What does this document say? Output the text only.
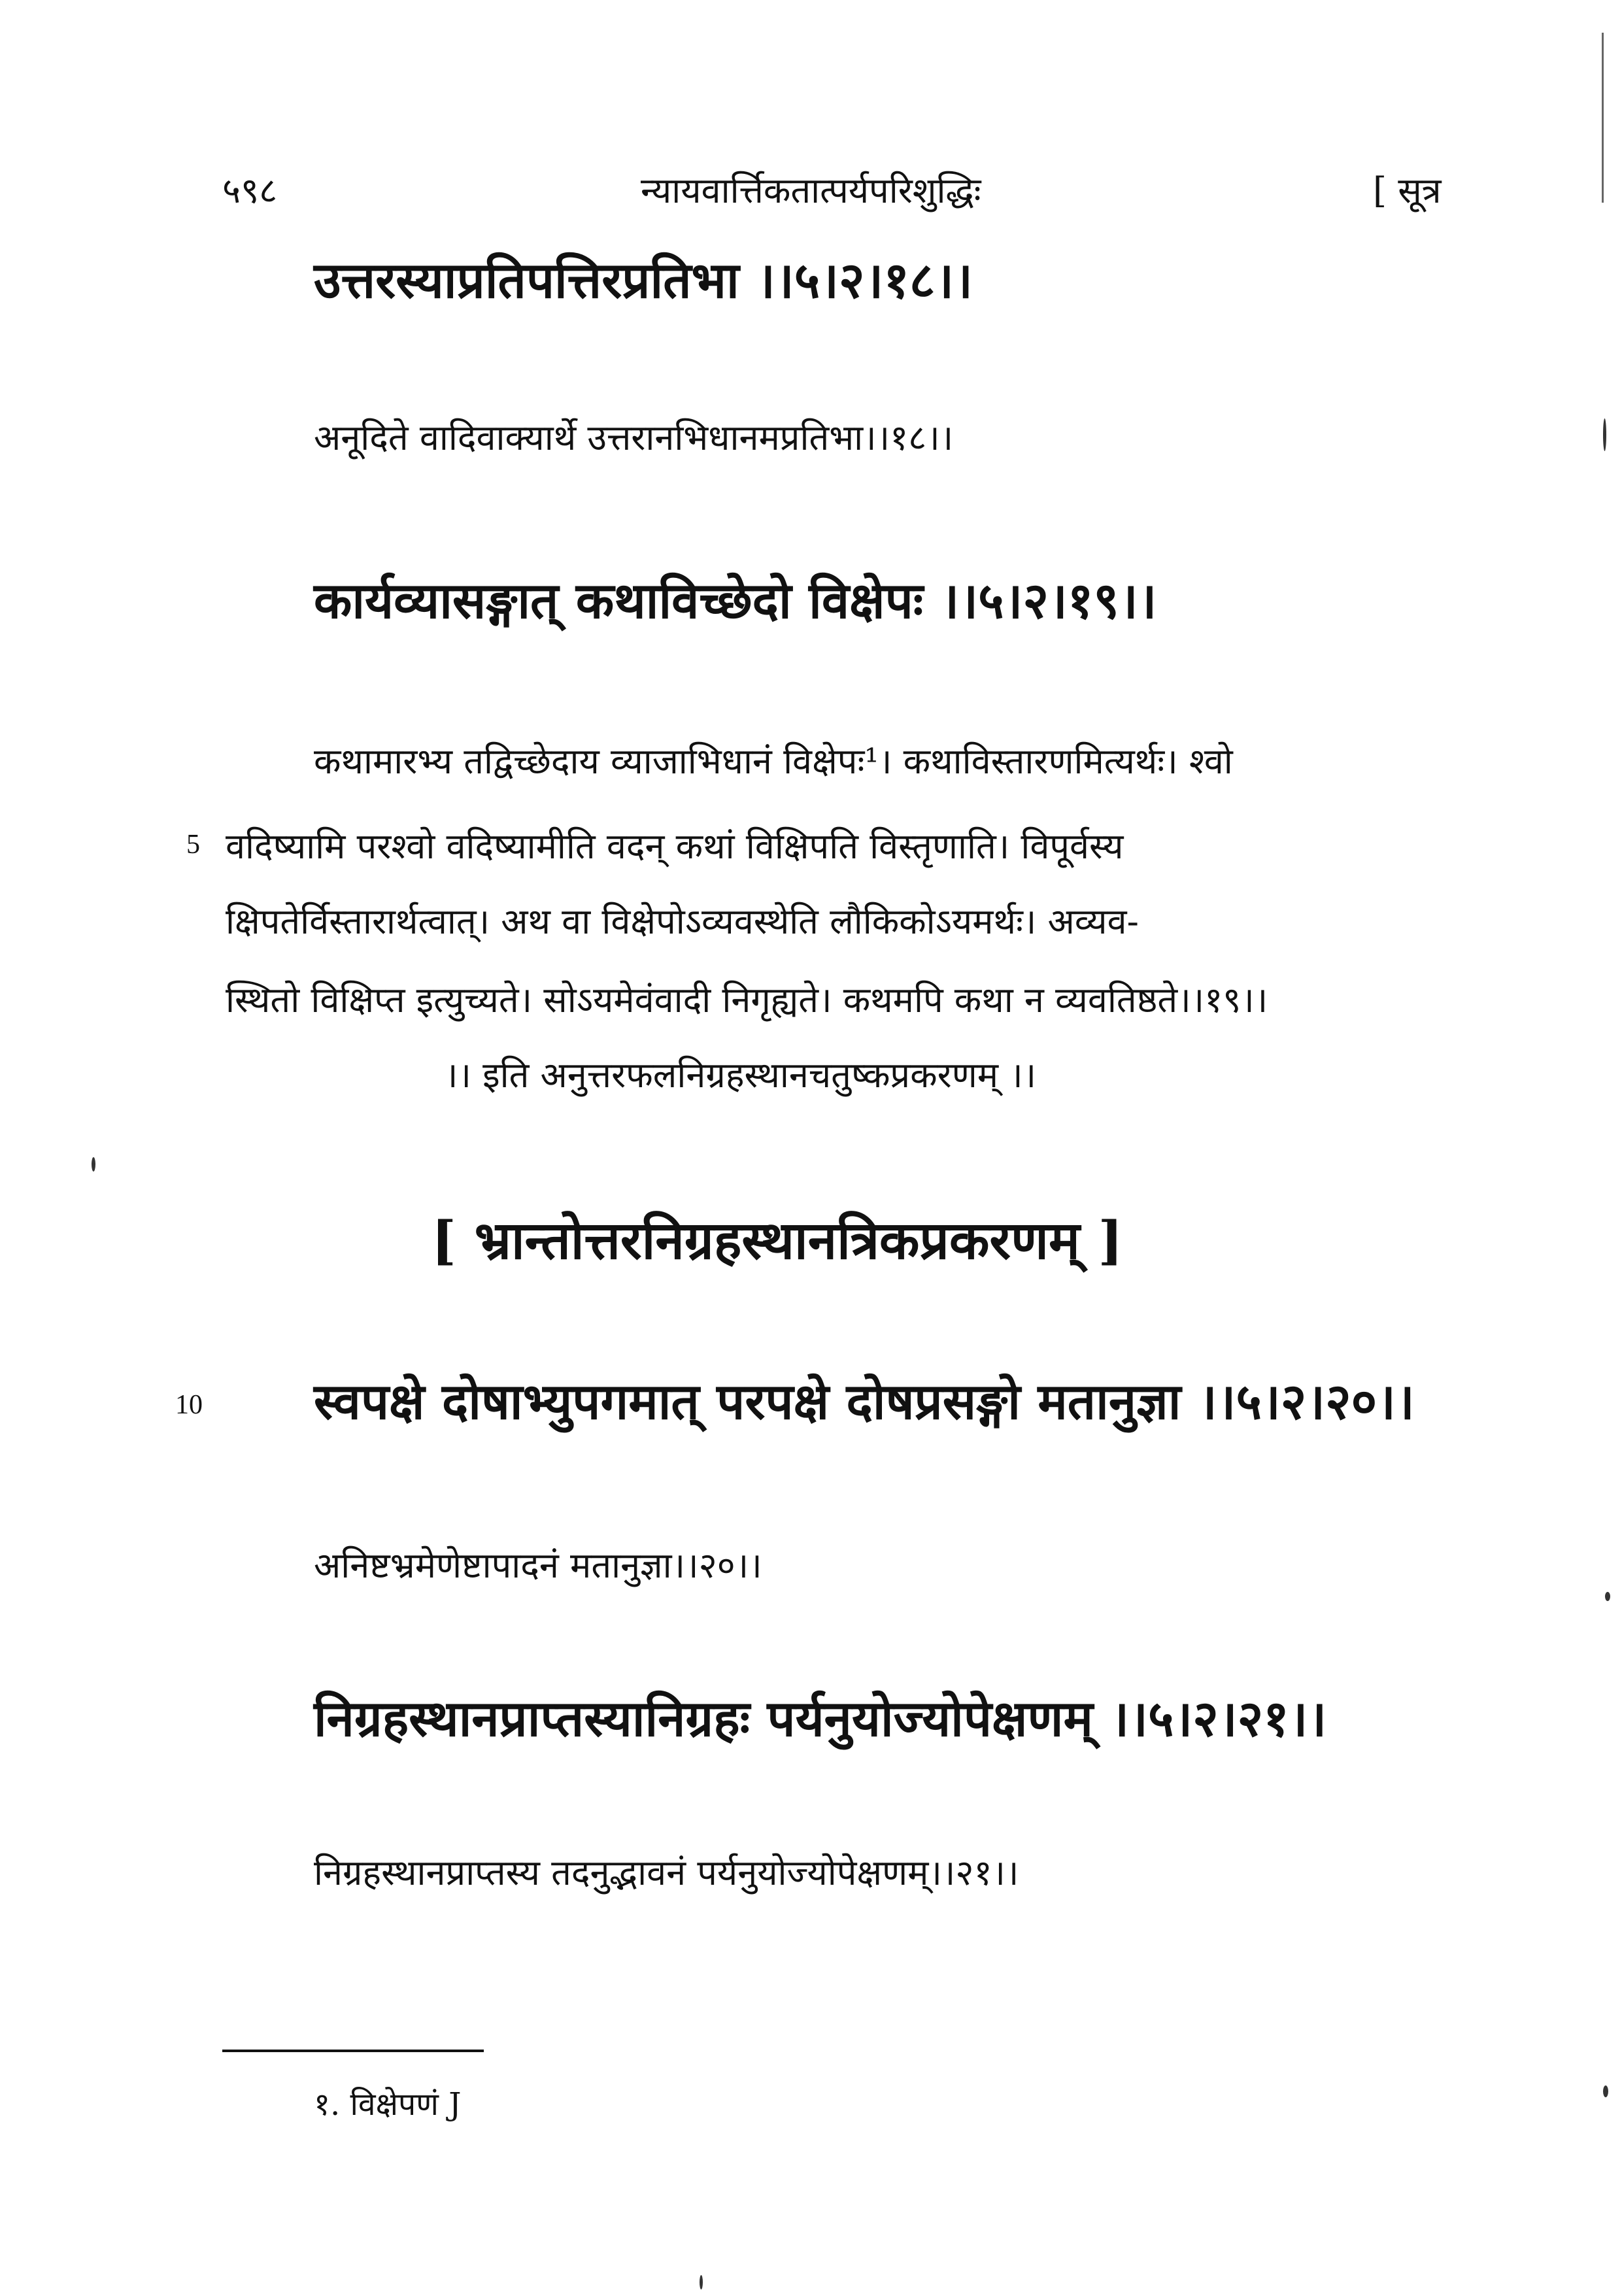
५९८	न्यायवार्त्तिकतात्पर्यपरिशुद्धिः	[ सूत्र
उत्तरस्याप्रतिपत्तिरप्रतिभा ।।५।२।१८।।
अनूदिते वादिवाक्यार्थे उत्तरानभिधानमप्रतिभा।।१८।।
कार्यव्यासङ्गात् कथाविच्छेदो विक्षेपः ।।५।२।१९।।
कथामारभ्य तद्विच्छेदाय व्याजाभिधानं विक्षेपः¹। कथाविस्तारणमित्यर्थः। श्वो
5 वदिष्यामि परश्वो वदिष्यामीति वदन् कथां विक्षिपति विस्तृणाति। विपूर्वस्य
क्षिपतेर्विस्तारार्थत्वात्। अथ वा विक्षेपोऽव्यवस्थेति लौकिकोऽयमर्थः। अव्यव-
स्थितो विक्षिप्त इत्युच्यते। सोऽयमेवंवादी निगृह्यते। कथमपि कथा न व्यवतिष्ठते।।१९।।
।। इति अनुत्तरफलनिग्रहस्थानचतुष्कप्रकरणम् ।।
[ भ्रान्तोत्तरनिग्रहस्थानत्रिकप्रकरणम् ]
10 स्वपक्षे दोषाभ्युपगमात् परपक्षे दोषप्रसङ्गो मतानुज्ञा ।।५।२।२०।।
अनिष्टभ्रमेणेष्टापादनं मतानुज्ञा।।२०।।
निग्रहस्थानप्राप्तस्यानिग्रहः पर्यनुयोज्योपेक्षणम् ।।५।२।२१।।
निग्रहस्थानप्राप्तस्य तदनुद्भावनं पर्यनुयोज्योपेक्षणम्।।२१।।
१. विक्षेपणं J
